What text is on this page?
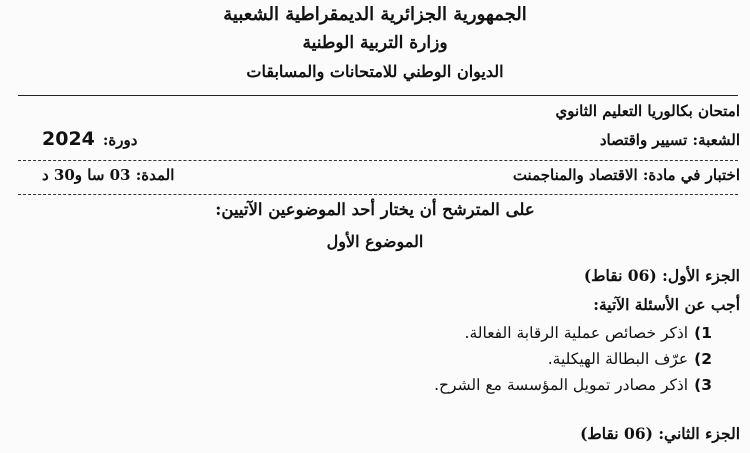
الجمهورية الجزائرية الديمقراطية الشعبية
وزارة التربية الوطنية
الديوان الوطني للامتحانات والمسابقات
امتحان بكالوريا التعليم الثانوي
الشعبة: تسيير واقتصاد
دورة:
2024
اختبار في مادة: الاقتصاد والمناجمنت
المدة: 03 سا و30 د
على المترشح أن يختار أحد الموضوعين الآتيين:
الموضوع الأول
الجزء الأول: (06 نقاط)
أجب عن الأسئلة الآتية:
1)اذكر خصائص عملية الرقابة الفعالة.
2)عرّف البطالة الهيكلية.
3)اذكر مصادر تمويل المؤسسة مع الشرح.
الجزء الثاني: (06 نقاط)
